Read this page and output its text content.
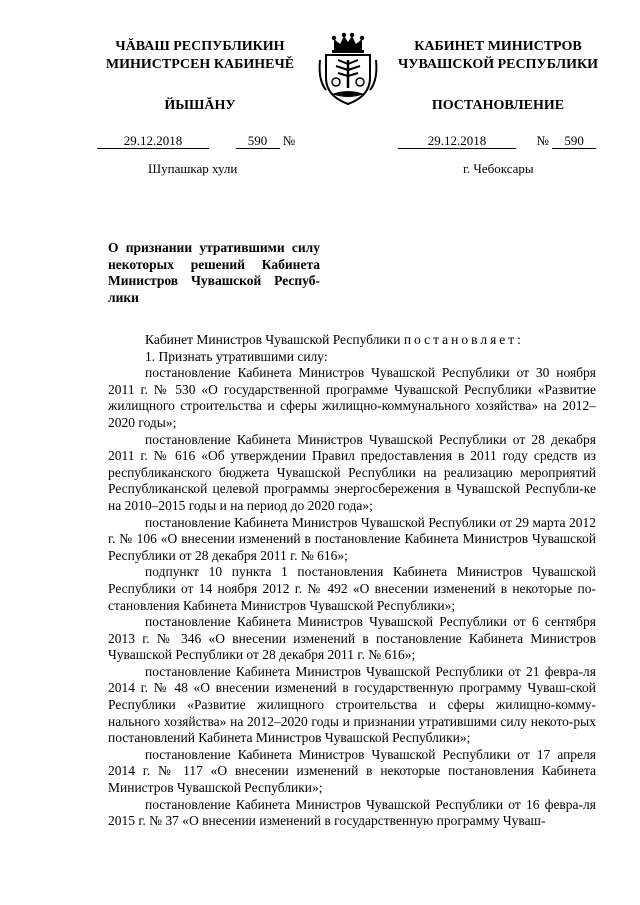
ЧĂВАШ РЕСПУБЛИКИН
МИНИСТРСЕН КАБИНЕЧĚ
ЙЫШĂНУ
КАБИНЕТ МИНИСТРОВ
ЧУВАШСКОЙ РЕСПУБЛИКИ
ПОСТАНОВЛЕНИЕ
29.12.2018	590 №	29.12.2018	№ 590
Шупашкар хули	г. Чебоксары
О признании утратившими силу некоторых решений Кабинета Министров Чувашской Респуб-лики

Кабинет Министров Чувашской Республики постановляет:

1. Признать утратившими силу:

постановление Кабинета Министров Чувашской Республики от 30 ноября 2011 г. № 530 «О государственной программе Чувашской Республики «Развитие жилищного строительства и сферы жилищно-коммунального хозяйства» на 2012–2020 годы»;

постановление Кабинета Министров Чувашской Республики от 28 декабря 2011 г. № 616 «Об утверждении Правил предоставления в 2011 году средств из республиканского бюджета Чувашской Республики на реализацию мероприятий Республиканской целевой программы энергосбережения в Чувашской Республи-ке на 2010–2015 годы и на период до 2020 года»;

постановление Кабинета Министров Чувашской Республики от 29 марта 2012 г. № 106 «О внесении изменений в постановление Кабинета Министров Чувашской Республики от 28 декабря 2011 г. № 616»;

подпункт 10 пункта 1 постановления Кабинета Министров Чувашской Республики от 14 ноября 2012 г. № 492 «О внесении изменений в некоторые по-становления Кабинета Министров Чувашской Республики»;

постановление Кабинета Министров Чувашской Республики от 6 сентября 2013 г. № 346 «О внесении изменений в постановление Кабинета Министров Чувашской Республики от 28 декабря 2011 г. № 616»;

постановление Кабинета Министров Чувашской Республики от 21 февра-ля 2014 г. № 48 «О внесении изменений в государственную программу Чуваш-ской Республики «Развитие жилищного строительства и сферы жилищно-комму-нального хозяйства» на 2012–2020 годы и признании утратившими силу некото-рых постановлений Кабинета Министров Чувашской Республики»;

постановление Кабинета Министров Чувашской Республики от 17 апреля 2014 г. № 117 «О внесении изменений в некоторые постановления Кабинета Министров Чувашской Республики»;

постановление Кабинета Министров Чувашской Республики от 16 февра-ля 2015 г. № 37 «О внесении изменений в государственную программу Чуваш-
